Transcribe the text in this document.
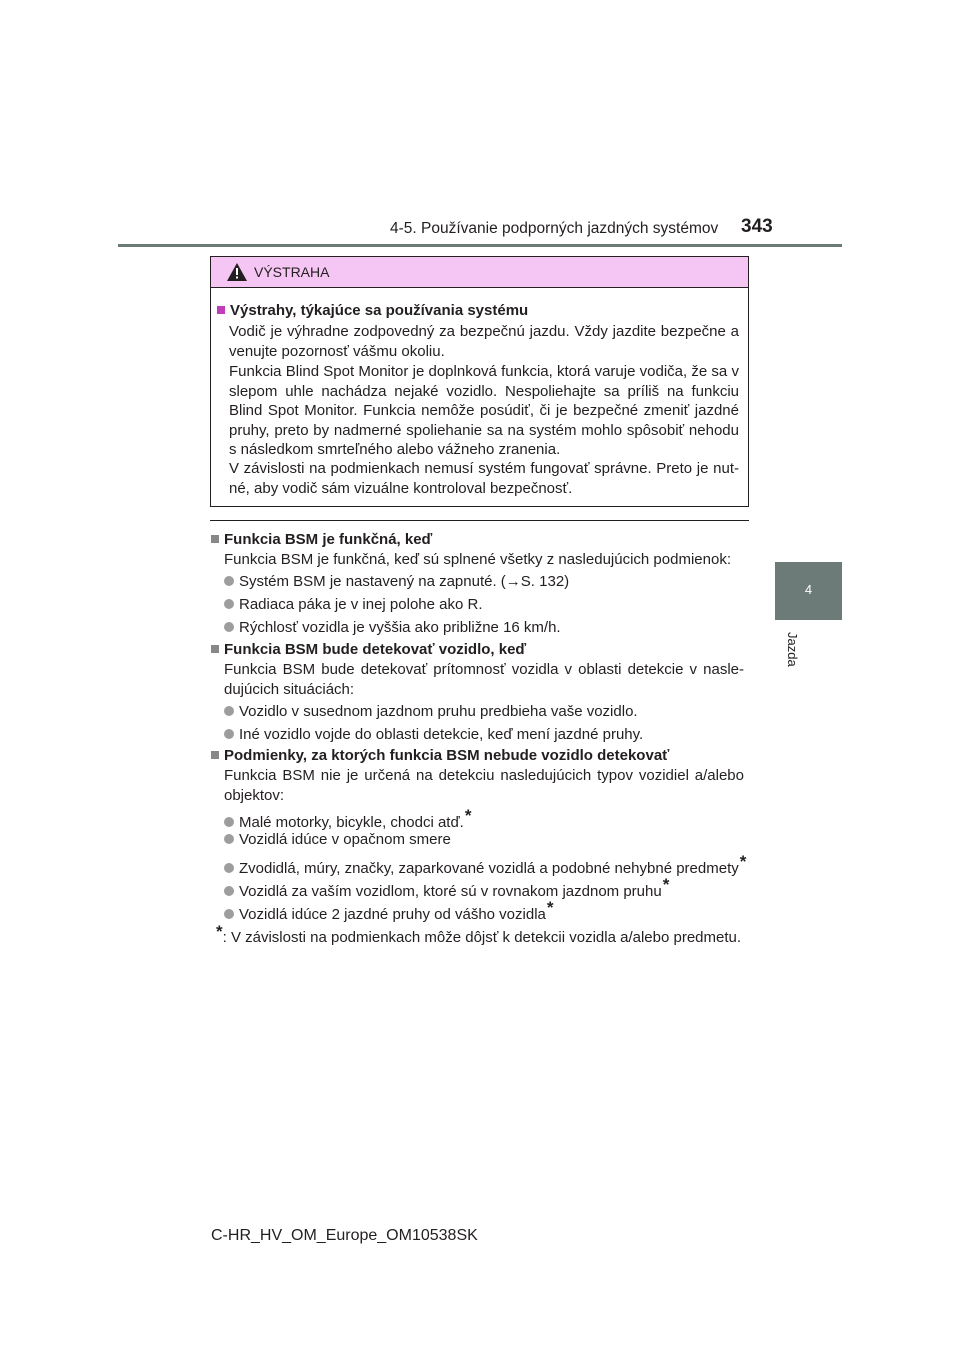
4-5. Používanie podporných jazdných systémov 343
4
Jazda
VÝSTRAHA
Výstrahy, týkajúce sa používania systému
Vodič je výhradne zodpovedný za bezpečnú jazdu. Vždy jazdite bezpečne a venujte pozornosť vášmu okoliu.
Funkcia Blind Spot Monitor je doplnková funkcia, ktorá varuje vodiča, že sa v slepom uhle nachádza nejaké vozidlo. Nespoliehajte sa príliš na funkciu Blind Spot Monitor. Funkcia nemôže posúdiť, či je bezpečné zmeniť jazdné pruhy, preto by nadmerné spoliehanie sa na systém mohlo spôsobiť nehodu s následkom smrteľného alebo vážneho zranenia.
V závislosti na podmienkach nemusí systém fungovať správne. Preto je nut- né, aby vodič sám vizuálne kontroloval bezpečnosť.
Funkcia BSM je funkčná, keď
Funkcia BSM je funkčná, keď sú splnené všetky z nasledujúcich podmienok:
Systém BSM je nastavený na zapnuté. (→S. 132)
Radiaca páka je v inej polohe ako R.
Rýchlosť vozidla je vyššia ako približne 16 km/h.
Funkcia BSM bude detekovať vozidlo, keď
Funkcia BSM bude detekovať prítomnosť vozidla v oblasti detekcie v nasle- dujúcich situáciách:
Vozidlo v susednom jazdnom pruhu predbieha vaše vozidlo.
Iné vozidlo vojde do oblasti detekcie, keď mení jazdné pruhy.
Podmienky, za ktorých funkcia BSM nebude vozidlo detekovať
Funkcia BSM nie je určená na detekciu nasledujúcich typov vozidiel a/alebo objektov:
Malé motorky, bicykle, chodci atď.*
Vozidlá idúce v opačnom smere
Zvodidlá, múry, značky, zaparkované vozidlá a podobné nehybné predmety*
Vozidlá za vaším vozidlom, ktoré sú v rovnakom jazdnom pruhu*
Vozidlá idúce 2 jazdné pruhy od vášho vozidla*
*: V závislosti na podmienkach môže dôjsť k detekcii vozidla a/alebo predmetu.
C-HR_HV_OM_Europe_OM10538SK
